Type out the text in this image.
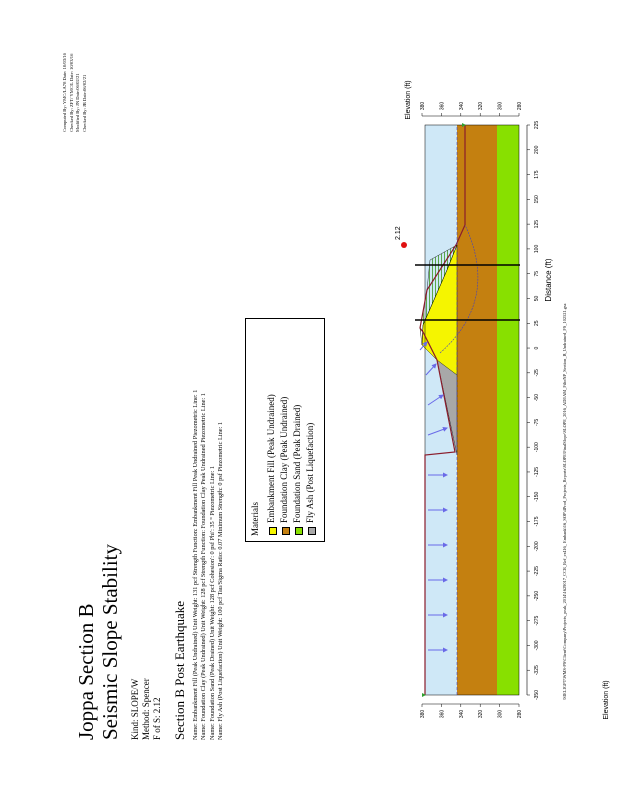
Joppa Section B Seismic Slope Stability Kind: SLOPE/W Method: Spencer F of S: 2.12
Computed By: YMC/LA78 Date: 10/03/16 Checked By: ZFT/ YMC/L Date: 10/03/16 Modified By: JN Date:06/02/21 Checked By: JB Date:06/02/21
Section B Post Earthquake Name: Embankment Fill (Peak Undrained) Unit Weight: 131 pcf Strength Function: Embankment Fill Peak Undrained Piezometric Line: 1 Name: Foundation Clay (Peak Undrained) Unit Weight: 128 pcf Strength Function: Foundation Clay Peak Undrained Piezometric Line: 1 Name: Foundation Sand (Peak Drained) Unit Weight: 128 pcf Cohesion': 0 psf Phi': 35 ° Piezometric Line: 1 Name: Fly Ash (Post Liquefaction) Unit Weight: 100 pcf Tau/Sigma Ratio: 0.07 Minimum Strength: 0 psf Piezometric Line: 1	Materials Embankment Fill (Peak Undrained) Foundation Clay (Peak Undrained) Foundation Sand (Peak Drained) Fly Ash (Post Liquefaction)
2.12
-350
-325
-300
-275
-250
-225
-200
-175
-150
-125
-100
-75
-50
-25
0
25
50
75
100
125
150
175
200
225
Distance (ft)
280
280
300
300
320
320
340
340
360
360
380
380
Elevation (ft)
Elevation (ft)
\SIELIGPT\WMS-PS\Client\Company\Projects_peak_2014\1629017_CCR_Ref_er416_ Embank\16_SOP\4Prod_Projects_Reports\SLOPE\FinalSlope\SLOPE_2016_ADI\AM_FilteNP_Section_B_Undrained_FS_102521.gsz
